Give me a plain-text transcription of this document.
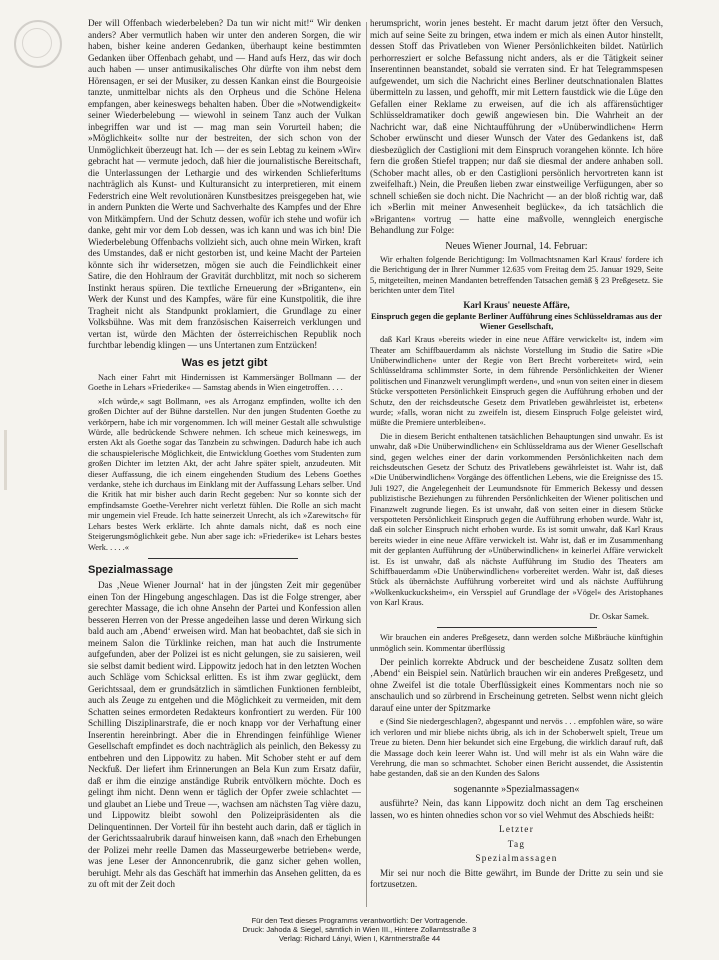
Der will Offenbach wiederbeleben? Da tun wir nicht mit!“ Wir denken anders? Aber vermutlich haben wir unter den anderen Sorgen, die wir haben, bisher keine anderen Gedanken, überhaupt keine bestimmten Gedanken über Offenbach gehabt, und — Hand aufs Herz, das wir doch auch haben — unser antimusikalisches Ohr dürfte von ihm nebst dem Hörensagen, er sei der Musiker, zu dessen Kankan einst die Bourgeoisie tanzte, unmittelbar nichts als den Orpheus und die Schöne Helena empfangen, aber keineswegs behalten haben. Über die »Notwendigkeit« seiner Wiederbelebung — wiewohl in seinem Tanz auch der Vulkan inbegriffen war und ist — mag man sein Vorurteil haben; die »Möglichkeit« sollte nur der bestreiten, der sich schon von der Unmöglichkeit überzeugt hat. Ich — der es sein Lebtag zu keinem »Wir« gebracht hat — vermute jedoch, daß hier die journalistische Bereitschaft, die Unterlassungen der Lethargie und des wirkenden Schlieferltums nachträglich als Kunst- und Kulturansicht zu interpretieren, mit einem Federstrich eine Welt revolutionären Kunstbesitzes preisgegeben hat, wie in andern Punkten die Werte und Sachverhalte des Kampfes und der Ehre von Mitkämpfern. Und der Schutz dessen, wofür ich stehe und wofür ich danke, geht mir vor dem Lob dessen, was ich kann und was ich bin! Die Wiederbelebung Offenbachs vollzieht sich, auch ohne mein Wirken, kraft des Umstandes, daß er nicht gestorben ist, und keine Macht der Parteien könnte sich ihr widersetzen, mögen sie auch die Feindlichkeit einer Satire, die den Hohlraum der Gravität durchblitzt, mit noch so sicherem Instinkt heraus spüren. Die textliche Erneuerung der »Briganten«, ein Werk der Kunst und des Kampfes, wäre für eine Kunstpolitik, die ihre Tragheit nicht als Standpunkt proklamiert, die Grundlage zu einer Volksbühne. Was mit dem französischen Kaiserreich verklungen und vertan ist, würde den Mächten der österreichischen Republik noch furchtbar lebendig klingen — uns Untertanen zum Entzücken!

Was es jetzt gibt

Nach einer Fahrt mit Hindernissen ist Kammersänger Bollmann — der Goethe in Lehars »Friederike« — Samstag abends in Wien eingetroffen. . . .

»Ich würde,« sagt Bollmann, »es als Arroganz empfinden, wollte ich den großen Dichter auf der Bühne darstellen. Nur den jungen Studenten Goethe zu verkörpern, habe ich mir vorgenommen. Ich will meiner Gestalt alle schwulstige Würde, alle bedrückende Schwere nehmen. Ich scheue mich keineswegs, im ersten Akt als Goethe sogar das Tanzbein zu schwingen. Dadurch habe ich auch die schauspielerische Möglichkeit, die Entwicklung Goethes vom Studenten zum großen Dichter im letzten Akt, der acht Jahre später spielt, anzudeuten. Mit dieser Auffassung, die ich einem eingehenden Studium des Lebens Goethes verdanke, stehe ich durchaus im Einklang mit der Auffassung Lehars selber. Und die Kritik hat mir bisher auch darin Recht gegeben: Nur so konnte sich der empfindsamste Goethe-Verehrer nicht verletzt fühlen. Die Rolle an sich macht mir ungemein viel Freude. Ich hatte seinerzeit Unrecht, als ich »Zarewitsch« für Lehars bestes Werk erklärte. Ich ahnte damals nicht, daß es noch eine Steigerungsmöglichkeit gebe. Nun aber sage ich: »Friederike« ist Lehars bestes Werk. . . . .«

Spezialmassage

Das ‚Neue Wiener Journal‘ hat in der jüngsten Zeit mir gegenüber einen Ton der Hingebung angeschlagen. Das ist die Folge strenger, aber gerechter Massage, die ich ohne Ansehn der Partei und Konfession allen besseren Herren von der Presse angedeihen lasse und deren Wirkung sich bald auch am ‚Abend‘ erweisen wird. Man hat beobachtet, daß sie sich in meinem Salon die Türklinke reichen, man hat auch die Instrumente aufgefunden, aber der Polizei ist es nicht gelungen, sie zu saisieren, weil sie selbst damit bedient wird. Lippowitz jedoch hat in den letzten Wochen auch Schläge vom Schicksal erlitten. Es ist ihm zwar geglückt, dem Gerichtssaal, dem er grundsätzlich in sämtlichen Funktionen fernbleibt, auch als Zeuge zu entgehen und die Möglichkeit zu vermeiden, mit dem Schatten seines ermordeten Redakteurs konfrontiert zu werden. Für 100 Schilling Disziplinarstrafe, die er noch knapp vor der Verhaftung einer Inserentin hereinbringt. Aber die in Ehrendingen feinfühlige Wiener Gesellschaft empfindet es doch nachträglich als peinlich, den Bekessy zu entbehren und den Lippowitz zu haben. Mit Schober steht er auf dem Neckfuß. Der liefert ihm Erinnerungen an Bela Kun zum Ersatz dafür, daß er ihm die einzige anständige Rubrik entvölkern möchte. Doch es gelingt ihm nicht. Denn wenn er täglich der Opfer zweie schlachtet — und glaubet an Liebe und Treue —, wachsen am nächsten Tag vière dazu, und Lippowitz bleibt sowohl den Polizeipräsidenten als die Delinquentinnen. Der Vorteil für ihn besteht auch darin, daß er täglich in der Gerichtssaalrubrik darauf hinweisen kann, daß »nach den Erhebungen der Polizei mehr reelle Damen das Masseurgewerbe betrieben« werde, was jene Leser der Annoncenrubrik, die ganz sicher gehen wollen, beruhigt. Mehr als das Geschäft hat immerhin das Ansehen gelitten, da es zu oft mit der Zeit doch

herumspricht, worin jenes besteht. Er macht darum jetzt öfter den Versuch, mich auf seine Seite zu bringen, etwa indem er mich als einen Autor hinstellt, dessen Stoff das Privatleben von Wiener Persönlichkeiten bildet. Natürlich perhorresziert er solche Befassung nicht anders, als er die Tätigkeit seiner Inserentinnen beanstandet, sobald sie verraten sind. Er hat Telegrammspesen aufgewendet, um sich die Nachricht eines Berliner deutschnationalen Blattes übermitteln zu lassen, und gehofft, mir mit Lettern faustdick wie die Lüge den Gefallen einer Reklame zu erweisen, auf die ich als affärensüchtiger Schlüsseldramatiker doch gewiß angewiesen bin. Die Wahrheit an der Nachricht war, daß eine Nichtaufführung der »Unüberwindlichen« Herrn Schober erwünscht und dieser Wunsch der Vater des Gedankens ist, daß diesbezüglich der Castiglioni mit dem Einspruch vorangehen könnte. Ich höre fern die großen Stiefel trappen; nur daß sie diesmal der andere anhaben soll. (Schober macht alles, ob er den Castiglioni persönlich hervortreten kann ist zweifelhaft.) Nein, die Preußen lieben zwar einstweilige Verfügungen, aber so schnell schießen sie doch nicht. Die Nachricht — an der bloß richtig war, daß ich »Berlin mit meiner Anwesenheit beglücke«, da ich tatsächlich die »Briganten« vortrug — hatte eine maßvolle, wenngleich energische Behandlung zur Folge:

Neues Wiener Journal, 14. Februar:

Wir erhalten folgende Berichtigung: Im Vollmachtsnamen Karl Kraus' fordere ich die Berichtigung der in Ihrer Nummer 12.635 vom Freitag dem 25. Januar 1929, Seite 5, mitgeteilten, meinen Mandanten betreffenden Tatsachen gemäß § 23 Preßgesetz. Sie berichten unter dem Titel

Karl Kraus' neueste Affäre,
Einspruch gegen die geplante Berliner Aufführung eines Schlüsseldramas aus der Wiener Gesellschaft,

daß Karl Kraus »bereits wieder in eine neue Affäre verwickelt« ist, indem »im Theater am Schiffbauerdamm als nächste Vorstellung im Studio die Satire »Die Unüberwindlichen« unter der Regie von Bert Brecht vorbereitet« wird, »ein Schlüsseldrama schlimmster Sorte, in dem führende Persönlichkeiten der Wiener politischen und Finanzwelt verunglimpft werden«, und »nun von seiten einer in diesem Stücke verspotteten Persönlichkeit Einspruch gegen die Aufführung erhoben und der Schutz, den der reichsdeutsche Gesetz dem Privatleben gewährleistet ist, erbeten« wurde; »falls, woran nicht zu zweifeln ist, diesem Einspruch Folge geleistet wird, müßte die Premiere unterbleiben«.

Die in diesem Bericht enthaltenen tatsächlichen Behauptungen sind unwahr. Es ist unwahr, daß »Die Unüberwindlichen« ein Schlüsseldrama aus der Wiener Gesellschaft sind, gegen welches einer der darin vorkommenden Persönlichkeiten nach dem reichsdeutschen Gesetz der Schutz des Privatlebens gewährleistet ist. Wahr ist, daß »Die Unüberwindlichen« Vorgänge des öffentlichen Lebens, wie die Ereignisse des 15. Juli 1927, die Angelegenheit der Leumundsnote für Emmerich Bekessy und dessen publizistische Beziehungen zu führenden Persönlichkeiten der Wiener politischen und Finanzwelt zugrunde liegen. Es ist unwahr, daß von seiten einer in diesem Stücke verspotteten Persönlichkeit Einspruch gegen die Aufführung erhoben wurde. Wahr ist, daß ein solcher Einspruch nicht erhoben wurde. Es ist somit unwahr, daß Karl Kraus bereits wieder in eine neue Affäre verwickelt ist. Wahr ist, daß er im Zusammenhang mit der geplanten Aufführung der »Unüberwindlichen« in keinerlei Affäre verwickelt ist. Es ist unwahr, daß als nächste Aufführung im Studio des Theaters am Schiffbauerdamm »Die Unüberwindlichen« vorbereitet werden. Wahr ist, daß dieses Stück als übernächste Aufführung vorbereitet wird und als nächste Aufführung »Wolkenkuckucksheim«, ein Versspiel auf Grundlage der »Vögel« des Aristophanes von Karl Kraus.

Dr. Oskar Samek.

Wir brauchen ein anderes Preßgesetz, dann werden solche Mißbräuche künftighin unmöglich sein. Kommentar überflüssig

Der peinlich korrekte Abdruck und der bescheidene Zusatz sollten dem ‚Abend‘ ein Beispiel sein. Natürlich brauchen wir ein anderes Preßgesetz, und ohne Zweifel ist die totale Überflüssigkeit eines Kommentars noch nie so anschaulich und so zürbrend in Erscheinung getreten. Selbst wenn nicht gleich darauf eine unter der Spitzmarke

e (Sind Sie niedergeschlagen?, abgespannt und nervös . . . empfohlen wäre, so wäre ich verloren und mir bliebe nichts übrig, als ich in der Schoberwelt spielt, Treue um Treue zu bieten. Denn hier bekundet sich eine Ergebung, die wirklich darauf ruft, daß die Massage doch kein leerer Wahn ist. Und will mehr ist als ein Wahn wäre die Verehrung, die man so schmachtet. Schober einen Bericht aussendet, die Assistentin habe gestanden, daß sie an den Kunden des Salons

sogenannte »Spezialmassagen«

ausführte? Nein, das kann Lippowitz doch nicht an dem Tag erscheinen lassen, wo es hinten ohnedies schon vor so viel Wehmut des Abschieds heißt:

Letzter
Tag
Spezialmassagen

Mir sei nur noch die Bitte gewährt, im Bunde der Dritte zu sein und sie fortzusetzen.

Für den Text dieses Programms verantwortlich: Der Vortragende.
Druck: Jahoda & Siegel, sämtlich in Wien III., Hintere Zollamtsstraße 3
Verlag: Richard Lányi, Wien I, Kärntnerstraße 44
